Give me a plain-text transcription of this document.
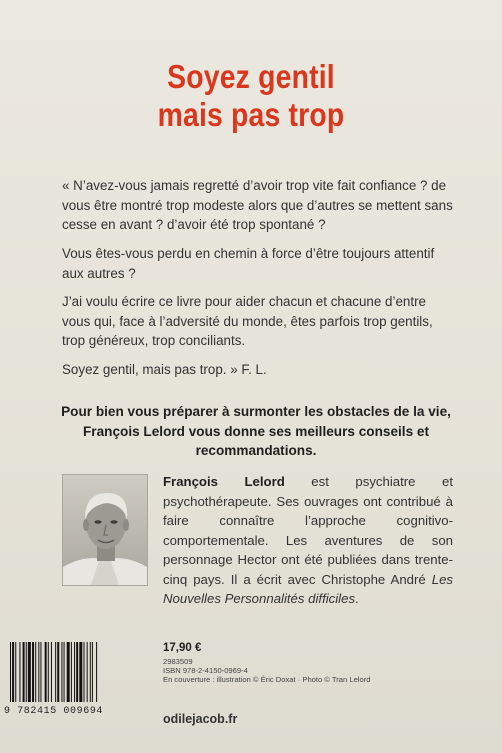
Soyez gentil
mais pas trop
« N’avez-vous jamais regretté d’avoir trop vite fait confiance ? de vous être montré trop modeste alors que d’autres se mettent sans cesse en avant ? d’avoir été trop spontané ?
Vous êtes-vous perdu en chemin à force d’être toujours attentif aux autres ?
J’ai voulu écrire ce livre pour aider chacun et chacune d’entre vous qui, face à l’adversité du monde, êtes parfois trop gentils, trop généreux, trop conciliants.
Soyez gentil, mais pas trop. » F. L.
Pour bien vous préparer à surmonter les obstacles de la vie, François Lelord vous donne ses meilleurs conseils et recommandations.
François Lelord est psychiatre et psychothérapeute. Ses ouvrages ont contribué à faire connaître l’approche cognitivo-comportementale. Les aventures de son personnage Hector ont été publiées dans trente-cinq pays. Il a écrit avec Christophe André Les Nouvelles Personnalités difficiles.
9 782415 009694
17,90 €
2983509
ISBN 978-2-4150-0969-4
En couverture : illustration © Éric Doxat · Photo © Tran Lelord
odilejacob.fr
